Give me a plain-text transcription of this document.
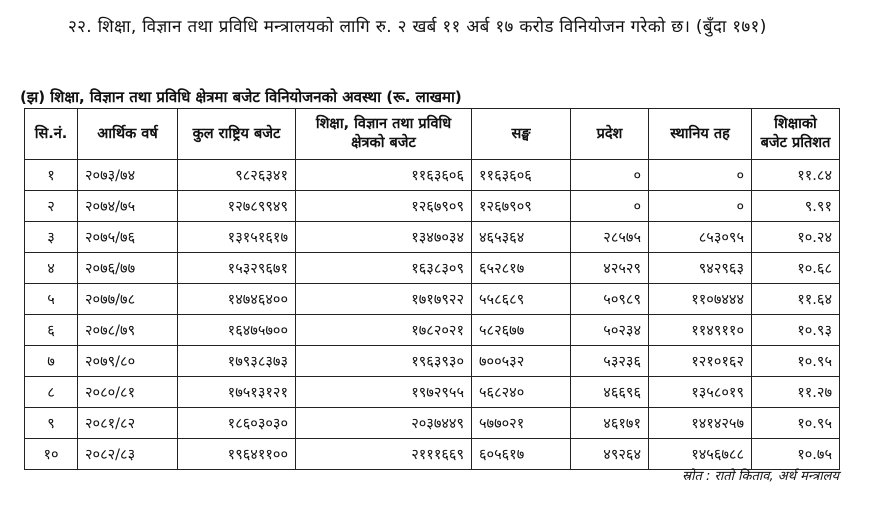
२२. शिक्षा, विज्ञान तथा प्रविधि मन्त्रालयको लागि रु. २ खर्ब ११ अर्ब १७ करोड विनियोजन गरेको छ। (बुँदा १७१)
(झ) शिक्षा, विज्ञान तथा प्रविधि क्षेत्रमा बजेट विनियोजनको अवस्था (रू. लाखमा)
सि.नं.	आर्थिक वर्ष	कुल राष्ट्रिय बजेट	शिक्षा, विज्ञान तथा प्रविधि क्षेत्रको बजेट	सङ्घ	प्रदेश	स्थानिय तह	शिक्षाको बजेट प्रतिशत
१	२०७३/७४	९८२६३४१	११६३६०६	११६३६०६	०	०	११.८४
२	२०७४/७५	१२७८९९४९	१२६७९०९	१२६७९०९	०	०	९.९१
३	२०७५/७६	१३१५१६१७	१३४७०३४	४६५३६४	२८५७५	८५३०९५	१०.२४
४	२०७६/७७	१५३२९६७१	१६३८३०९	६५२८१७	४२५२९	९४२९६३	१०.६८
५	२०७७/७८	१४७४६४००	१७१७९२२	५५८६८९	५०९८९	११०७४४४	११.६४
६	२०७८/७९	१६४७५७००	१७८२०२१	५८२६७७	५०२३४	११४९११०	१०.९३
७	२०७९/८०	१७९३८३७३	१९६३९३०	७००५३२	५३२३६	१२१०१६२	१०.९५
८	२०८०/८१	१७५१३१२१	१९७२९५५	५६८२४०	४६६९६	१३५८०१९	११.२७
९	२०८१/८२	१८६०३०३०	२०३७४४९	५७७०२१	४६१७१	१४१४२५७	१०.९५
१०	२०८२/८३	१९६४११००	२१११६६९	६०५६१७	४९२६४	१४५६७८८	१०.७५
स्रोत : रातो किताव, अर्थ मन्त्रालय
